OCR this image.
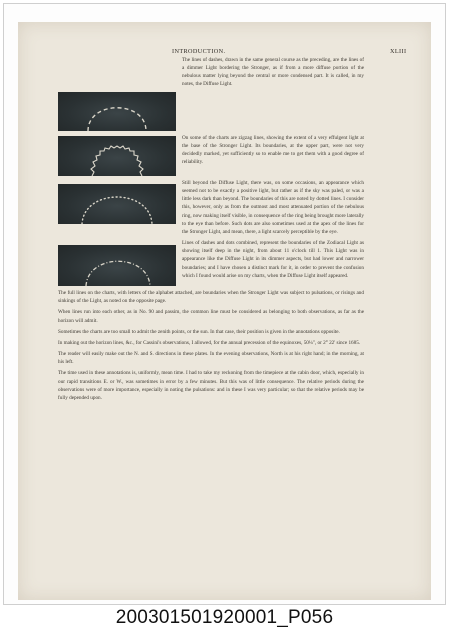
INTRODUCTION.	XLIII

The lines of dashes, drawn in the same general course as the preceding, are the lines of a dimmer Light bordering the Stronger, as if from a more diffuse portion of the nebulous matter lying beyond the central or more condensed part. It is called, in my notes, the Diffuse Light.

On some of the charts are zigzag lines, showing the extent of a very effulgent light at the base of the Stronger Light. Its boundaries, at the upper part, were not very decidedly marked, yet sufficiently so to enable me to get them with a good degree of reliability.

Still beyond the Diffuse Light, there was, on some occasions, an appearance which seemed not to be exactly a positive light, but rather as if the sky was paled, or was a little less dark than beyond. The boundaries of this are noted by dotted lines. I consider this, however, only as from the outmost and most attenuated portion of the nebulous ring, now making itself visible, in consequence of the ring being brought more laterally to the eye than before. Such dots are also sometimes used at the apex of the lines for the Stronger Light, and mean, there, a light scarcely perceptible by the eye.

Lines of dashes and dots combined, represent the boundaries of the Zodiacal Light as showing itself deep in the night, from about 11 o'clock till 1. This Light was in appearance like the Diffuse Light in its dimmer aspects, but had lower and narrower boundaries; and I have chosen a distinct mark for it, in order to prevent the confusion which I found would arise on my charts, when the Diffuse Light itself appeared.

The full lines on the charts, with letters of the alphabet attached, are boundaries when the Stronger Light was subject to pulsations, or risings and sinkings of the Light, as noted on the opposite page.

When lines run into each other, as in No. 90 and passim, the common line must be considered as belonging to both observations, as far as the horizon will admit.

Sometimes the charts are too small to admit the zenith points, or the sun. In that case, their position is given in the annotations opposite.

In making out the horizon lines, &c., for Cassini's observations, I allowed, for the annual precession of the equinoxes, 50¼", or 2° 22' since 1685.

The reader will easily make out the N. and S. directions in these plates. In the evening observations, North is at his right hand; in the morning, at his left.

The time used in these annotations is, uniformly, mean time. I had to take my reckoning from the timepiece at the cabin door, which, especially in our rapid transitions E. or W., was sometimes in error by a few minutes. But this was of little consequence. The relative periods during the observations were of more importance, especially in noting the pulsations: and in these I was very particular; so that the relative periods may be fully depended upon.

200301501920001_P056
